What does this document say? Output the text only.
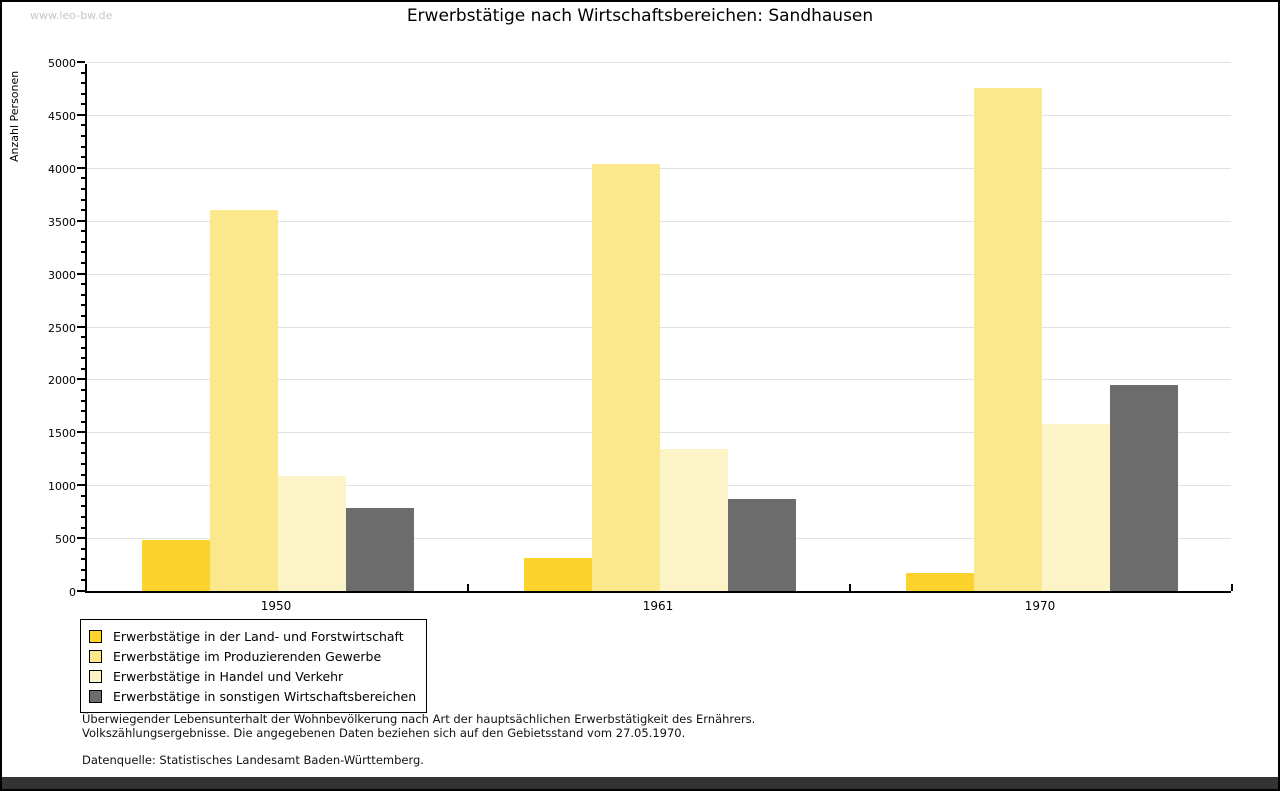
www.leo-bw.de	Erwerbstätige nach Wirtschaftsbereichen: Sandhausen
Anzahl Personen
0
500
1000
1500
2000
2500
3000
3500
4000
4500
5000
1950	1961	1970
Erwerbstätige in der Land- und Forstwirtschaft
Erwerbstätige im Produzierenden Gewerbe
Erwerbstätige in Handel und Verkehr
Erwerbstätige in sonstigen Wirtschaftsbereichen
Überwiegender Lebensunterhalt der Wohnbevölkerung nach Art der hauptsächlichen Erwerbstätigkeit des Ernährers.
Volkszählungsergebnisse. Die angegebenen Daten beziehen sich auf den Gebietsstand vom 27.05.1970.
Datenquelle: Statistisches Landesamt Baden-Württemberg.
